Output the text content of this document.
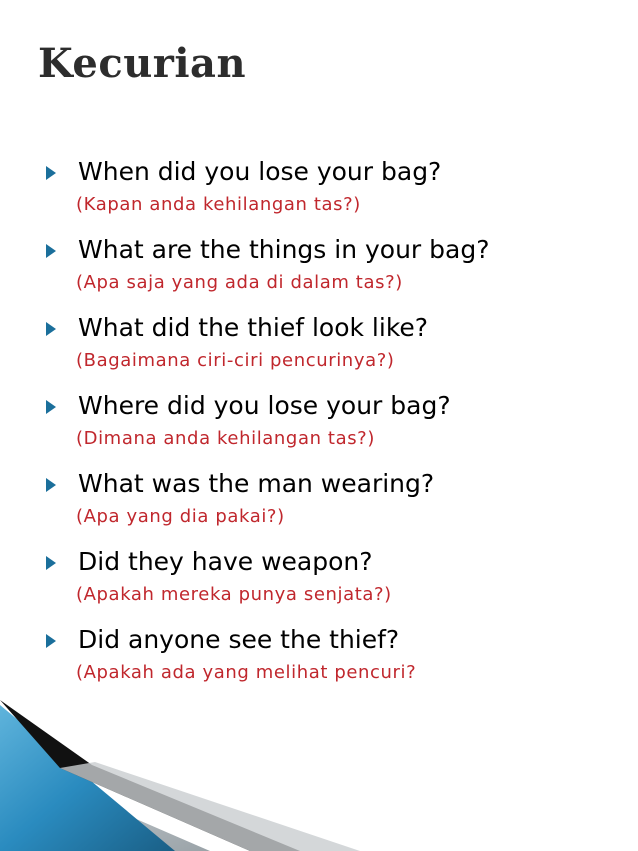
Kecurian
When did you lose your bag?
(Kapan anda kehilangan tas?)
What are the things in your bag?
(Apa saja yang ada di dalam tas?)
What did the thief look like?
(Bagaimana ciri-ciri pencurinya?)
Where did you lose your bag?
(Dimana anda kehilangan tas?)
What was the man wearing?
(Apa yang dia pakai?)
Did they have weapon?
(Apakah mereka punya senjata?)
Did anyone see the thief?
(Apakah ada yang melihat pencuri?
